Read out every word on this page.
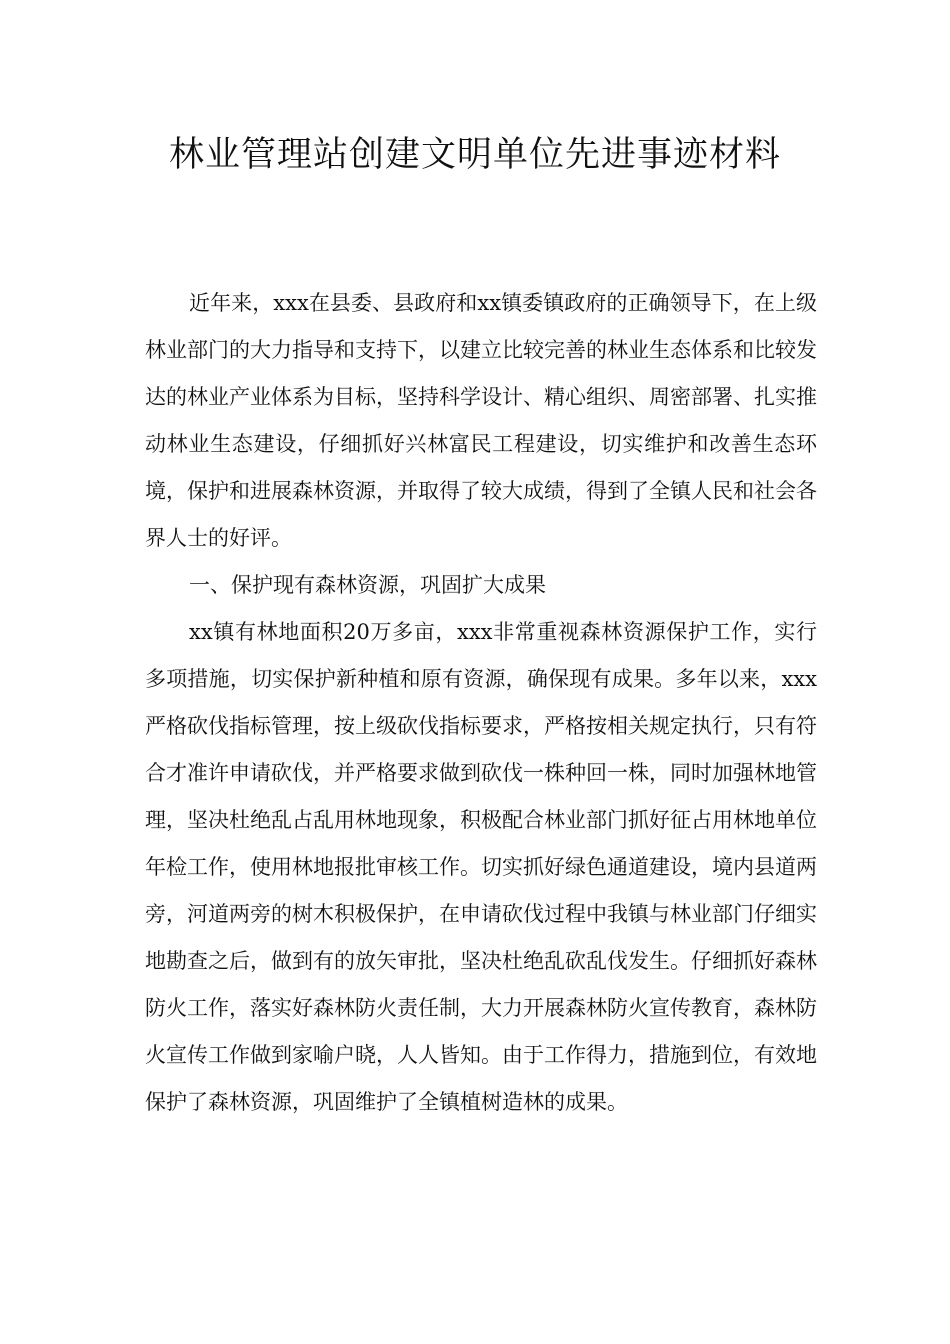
林业管理站创建文明单位先进事迹材料

近年来，xxx在县委、县政府和xx镇委镇政府的正确领导下，在上级林业部门的大力指导和支持下，以建立比较完善的林业生态体系和比较发达的林业产业体系为目标，坚持科学设计、精心组织、周密部署、扎实推动林业生态建设，仔细抓好兴林富民工程建设，切实维护和改善生态环境，保护和进展森林资源，并取得了较大成绩，得到了全镇人民和社会各界人士的好评。

一、保护现有森林资源，巩固扩大成果

xx镇有林地面积20万多亩，xxx非常重视森林资源保护工作，实行多项措施，切实保护新种植和原有资源，确保现有成果。多年以来，xxx严格砍伐指标管理，按上级砍伐指标要求，严格按相关规定执行，只有符合才准许申请砍伐，并严格要求做到砍伐一株种回一株，同时加强林地管理，坚决杜绝乱占乱用林地现象，积极配合林业部门抓好征占用林地单位年检工作，使用林地报批审核工作。切实抓好绿色通道建设，境内县道两旁，河道两旁的树木积极保护，在申请砍伐过程中我镇与林业部门仔细实地勘查之后，做到有的放矢审批，坚决杜绝乱砍乱伐发生。仔细抓好森林防火工作，落实好森林防火责任制，大力开展森林防火宣传教育，森林防火宣传工作做到家喻户晓，人人皆知。由于工作得力，措施到位，有效地保护了森林资源，巩固维护了全镇植树造林的成果。
